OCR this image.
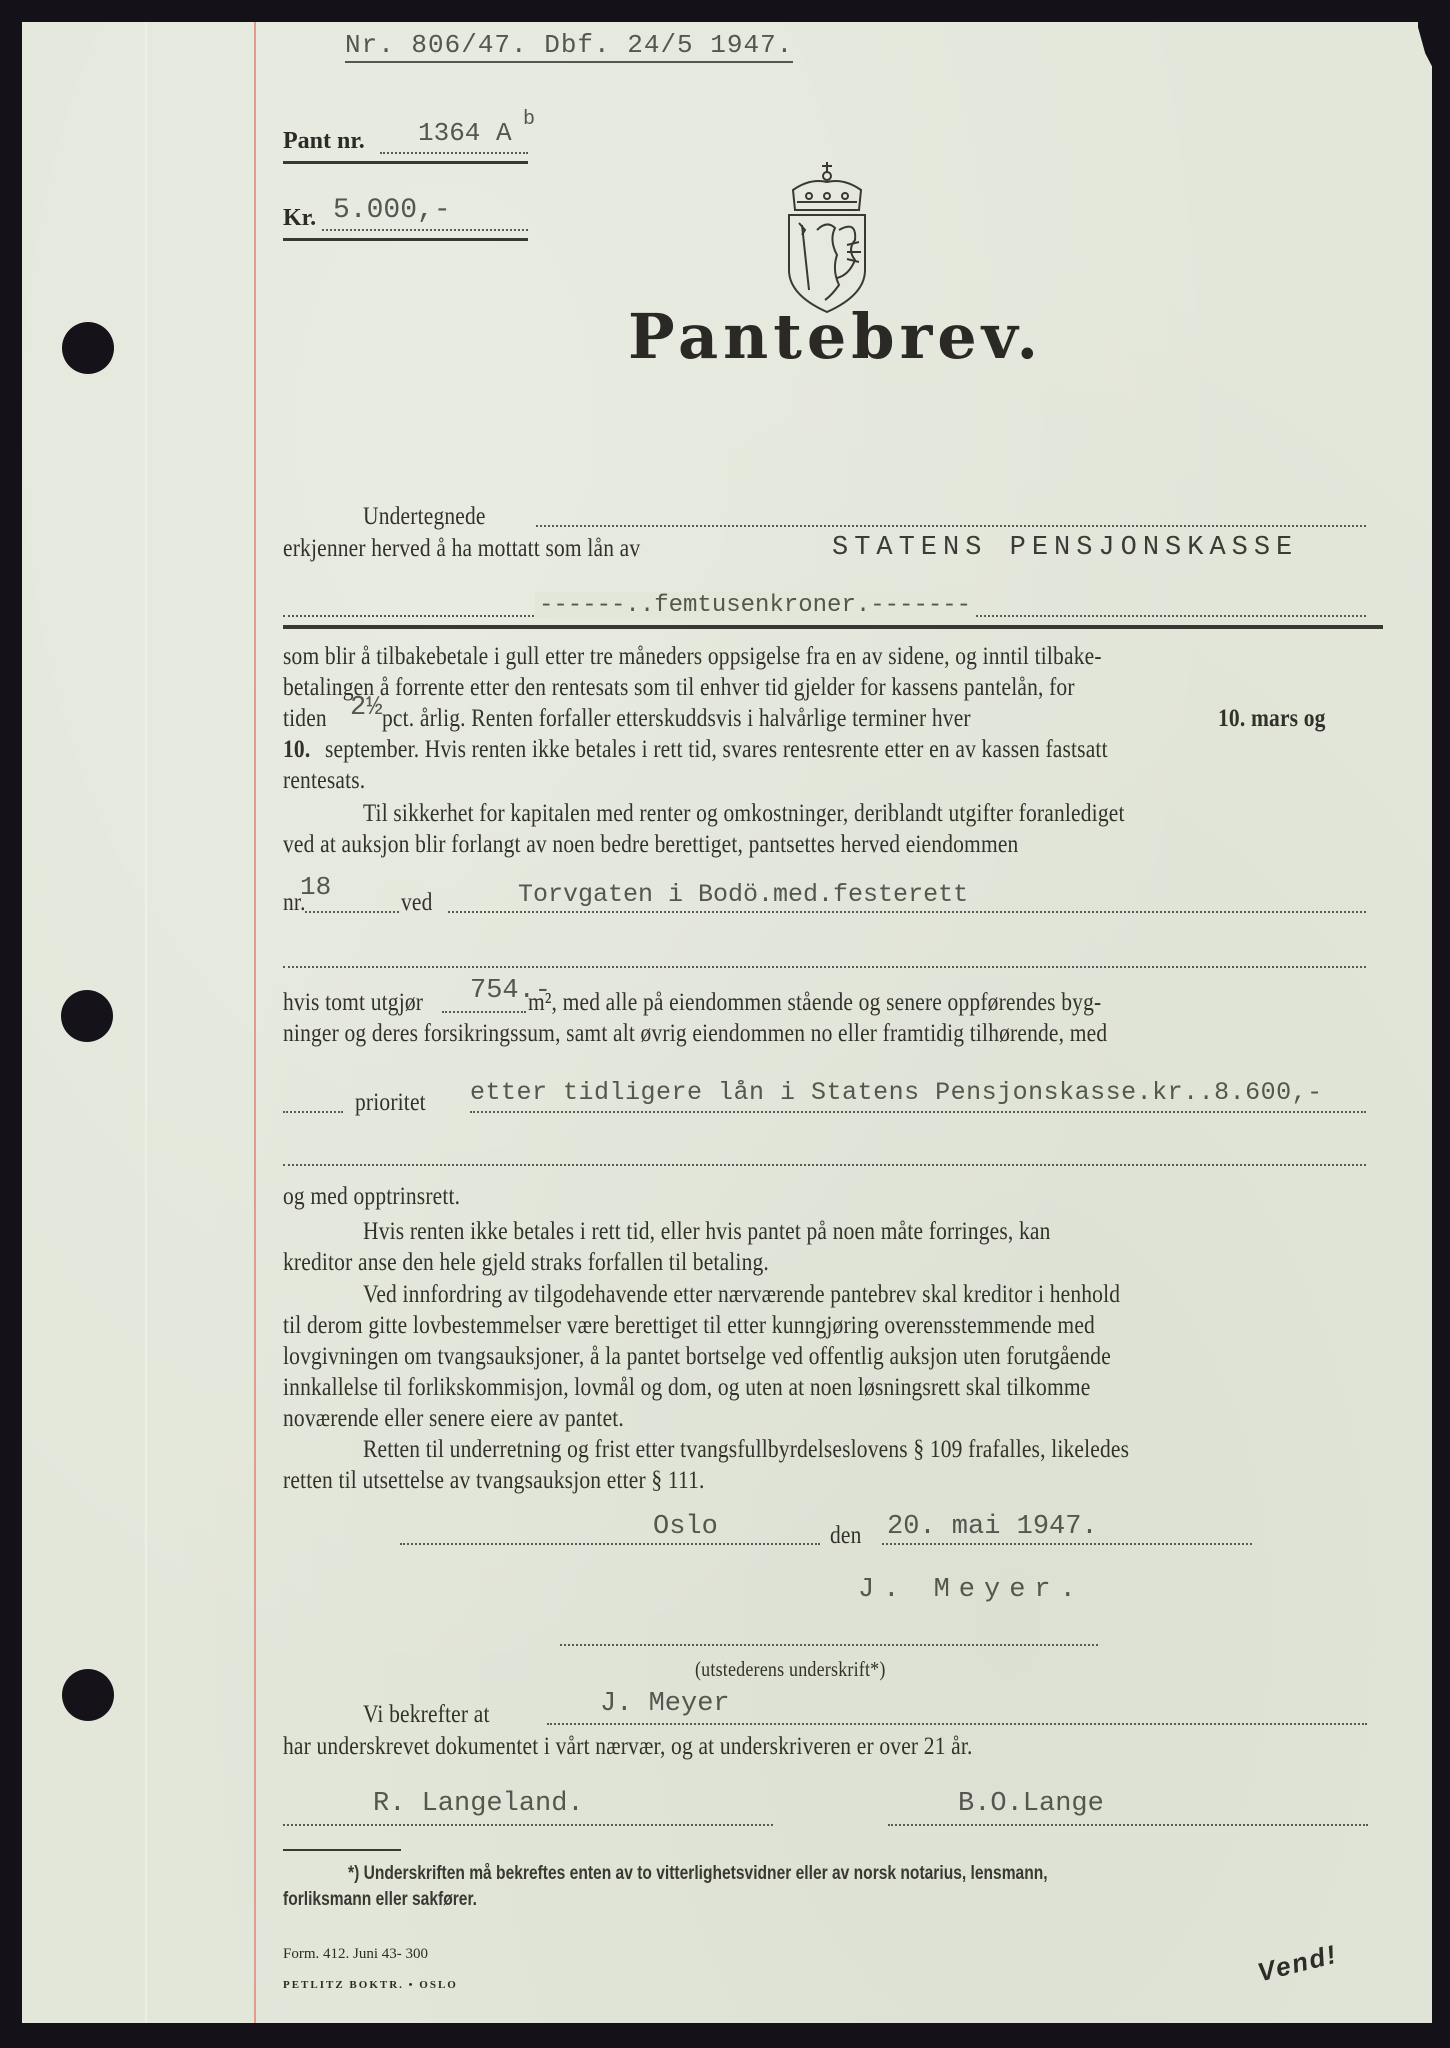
Nr. 806/47. Dbf. 24/5 1947.
Pant nr. 1364 A b
Kr. 5.000,-
Pantebrev.
Undertegnede
erkjenner herved å ha mottatt som lån av	STATENS PENSJONSKASSE
------..femtusenkroner.-------
som blir å tilbakebetale i gull etter tre måneders oppsigelse fra en av sidene, og inntil tilbake-
betalingen å forrente etter den rentesats som til enhver tid gjelder for kassens pantelån, for
tiden 2½ pct. årlig. Renten forfaller etterskuddsvis i halvårlige terminer hver	10. mars og
10. september. Hvis renten ikke betales i rett tid, svares rentesrente etter en av kassen fastsatt
rentesats.
Til sikkerhet for kapitalen med renter og omkostninger, deriblandt utgifter foranlediget
ved at auksjon blir forlangt av noen bedre berettiget, pantsettes herved eiendommen
nr.
18
ved	Torvgaten i Bodö.med.festerett
hvis tomt utgjør 754.-
m², med alle på eiendommen stående og senere oppførendes byg-
ninger og deres forsikringssum, samt alt øvrig eiendommen no eller framtidig tilhørende, med
prioritet etter tidligere lån i Statens Pensjonskasse.kr..8.600,-
og med opptrinsrett.
Hvis renten ikke betales i rett tid, eller hvis pantet på noen måte forringes, kan
kreditor anse den hele gjeld straks forfallen til betaling.
Ved innfordring av tilgodehavende etter nærværende pantebrev skal kreditor i henhold
til derom gitte lovbestemmelser være berettiget til etter kunngjøring overensstemmende med
lovgivningen om tvangsauksjoner, å la pantet bortselge ved offentlig auksjon uten forutgående
innkallelse til forlikskommisjon, lovmål og dom, og uten at noen løsningsrett skal tilkomme
noværende eller senere eiere av pantet.
Retten til underretning og frist etter tvangsfullbyrdelseslovens § 109 frafalles, likeledes
retten til utsettelse av tvangsauksjon etter § 111.
Oslo	den 20. mai 1947.
J. Meyer.
(utstederens underskrift*)
J. Meyer
Vi bekrefter at
har underskrevet dokumentet i vårt nærvær, og at underskriveren er over 21 år.
R. Langeland.	B.O.Lange
*) Underskriften må bekreftes enten av to vitterlighetsvidner eller av norsk notarius, lensmann,
forliksmann eller sakfører.
Form. 412. Juni 43- 300
PETLITZ BOKTR. • OSLO	Vend!
